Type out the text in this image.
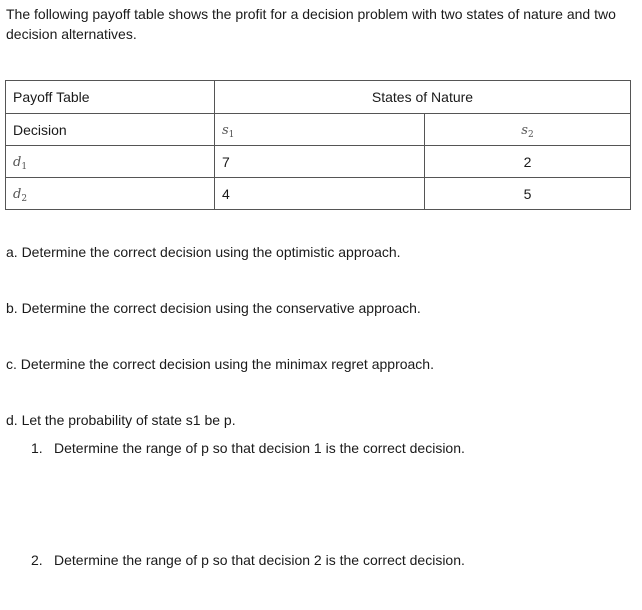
The following payoff table shows the profit for a decision problem with two states of nature and two decision alternatives.
Payoff Table	States of Nature	
Decision	$s_1$	$s_2$
$d_1$	7	2
$d_2$	4	5
a. Determine the correct decision using the optimistic approach.
b. Determine the correct decision using the conservative approach.
c. Determine the correct decision using the minimax regret approach.
d. Let the probability of state s1 be p.
1. Determine the range of p so that decision 1 is the correct decision.
2. Determine the range of p so that decision 2 is the correct decision.
